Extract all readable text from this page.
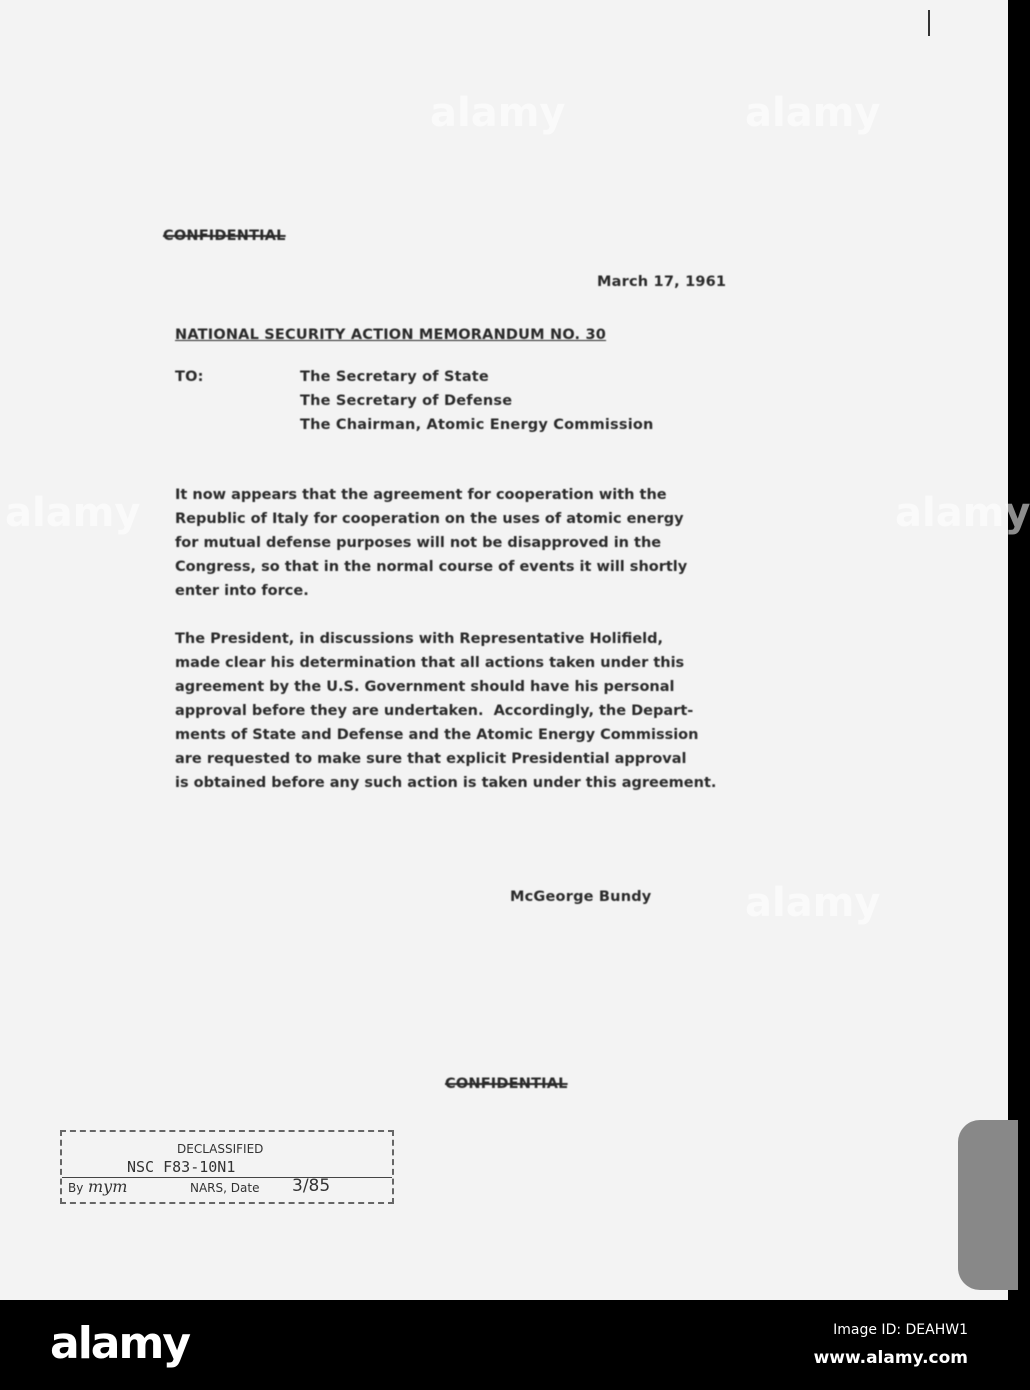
CONFIDENTIAL
March 17, 1961
NATIONAL SECURITY ACTION MEMORANDUM NO. 30
TO:	The Secretary of State
The Secretary of Defense
The Chairman, Atomic Energy Commission
It now appears that the agreement for cooperation with the
Republic of Italy for cooperation on the uses of atomic energy
for mutual defense purposes will not be disapproved in the
Congress, so that in the normal course of events it will shortly
enter into force.
The President, in discussions with Representative Holifield,
made clear his determination that all actions taken under this
agreement by the U.S. Government should have his personal
approval before they are undertaken.  Accordingly, the Depart-
ments of State and Defense and the Atomic Energy Commission
are requested to make sure that explicit Presidential approval
is obtained before any such action is taken under this agreement.
McGeorge Bundy
CONFIDENTIAL
DECLASSIFIED
NSC F83-10N1
By mym	NARS, Date 3/85
alamy
alamy	alamy
alamy
alamy
alamy	Image ID: DEAHW1
www.alamy.com
